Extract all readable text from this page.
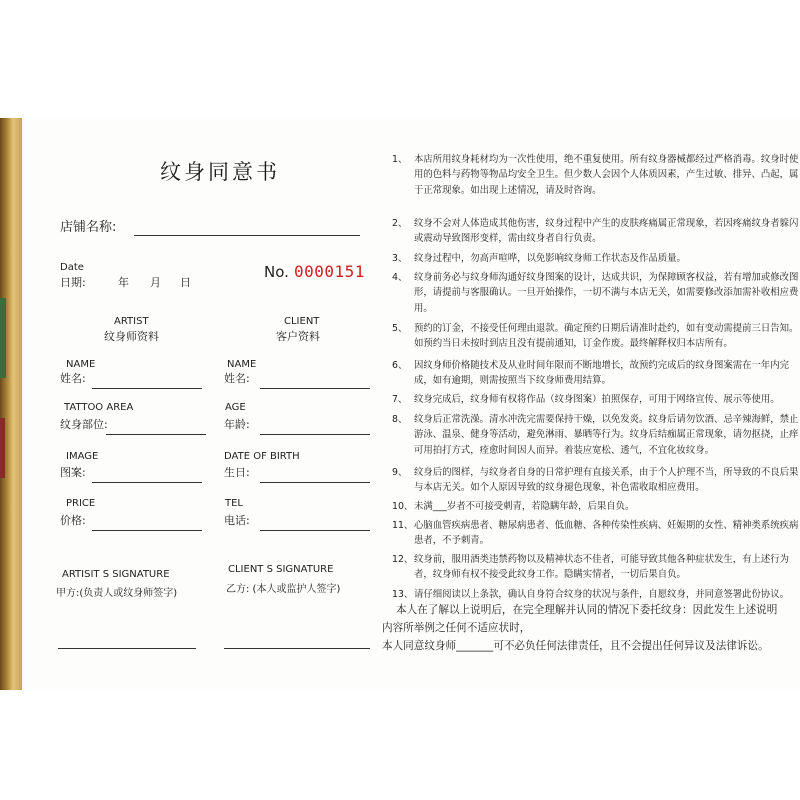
纹身同意书
店铺名称:
Date
日期:	年 月 日
No. 0000151
ARTIST
纹身师资料
CLIENT
客户资料
NAME
姓名:
NAME
姓名:
TATTOO AREA
纹身部位:
AGE
年龄:
IMAGE
图案:
DATE OF BIRTH
生日:
PRICE
价格:
TEL
电话:
CLIENT S SIGNATURE
乙方: (本人或监护人签字)
ARTISIT S SIGNATURE
甲方:(负责人或纹身师签字)
1、 本店所用纹身耗材均为一次性使用，绝不重复使用。所有纹身器械都经过严格消毒。纹身时使用的色料与药物等物品均安全卫生。但少数人会因个人体质因素，产生过敏、排异、凸起，属于正常现象。如出现上述情况，请及时咨询。
2、 纹身不会对人体造成其他伤害，纹身过程中产生的皮肤疼痛属正常现象，若因疼痛纹身者躲闪或震动导致图形变样，需由纹身者自行负责。
3、 纹身过程中，勿高声喧哗，以免影响纹身师工作状态及作品质量。
4、 纹身前务必与纹身师沟通好纹身图案的设计，达成共识，为保障顾客权益，若有增加或修改图形，请提前与客服确认。一旦开始操作，一切不满与本店无关，如需要修改添加需补收相应费用。
5、 预约的订金，不接受任何理由退款。确定预约日期后请准时赴约，如有变动需提前三日告知。如预约当日未按时到店且没有提前通知，订金作废。最终解释权归本店所有。
6、 因纹身师价格随技术及从业时间年限而不断地增长，故预约完成后的纹身图案需在一年内完成，如有逾期，则需按照当下纹身师费用结算。
7、 纹身完成后，纹身师有权将作品（纹身图案）拍照保存，可用于网络宣传、展示等使用。
8、 纹身后正常洗澡。清水冲洗完需要保持干燥，以免发炎。纹身后请勿饮酒、忌辛辣海鲜，禁止游泳、温泉、健身等活动，避免淋雨、暴晒等行为。纹身后结痂属正常现象，请勿抠挠，止痒可用拍打方式，痊愈时间因人而异。着装应宽松、透气，不宜化妆纹身。
9、 纹身后的图样，与纹身者自身的日常护理有直接关系，由于个人护理不当，所导致的不良后果与本店无关。如个人原因导致的纹身褪色现象，补色需收取相应费用。
10、 未满___岁者不可接受刺青，若隐瞒年龄，后果自负。
11、 心脑血管疾病患者、糖尿病患者、低血糖、各种传染性疾病、妊娠期的女性、精神类系统疾病患者，不予刺青。
12、 纹身前，服用酒类违禁药物以及精神状态不佳者，可能导致其他各种症状发生，有上述行为者，纹身师有权不接受此纹身工作。隐瞒实情者，一切后果自负。
13、 请仔细阅读以上条款，确认自身符合纹身的状况与条件，自愿纹身，并同意签署此份协议。
本人在了解以上说明后，在完全理解并认同的情况下委托纹身：因此发生上述说明
内容所举例之任何不适应状时，
本人同意纹身师_______可不必负任何法律责任，且不会提出任何异议及法律诉讼。
